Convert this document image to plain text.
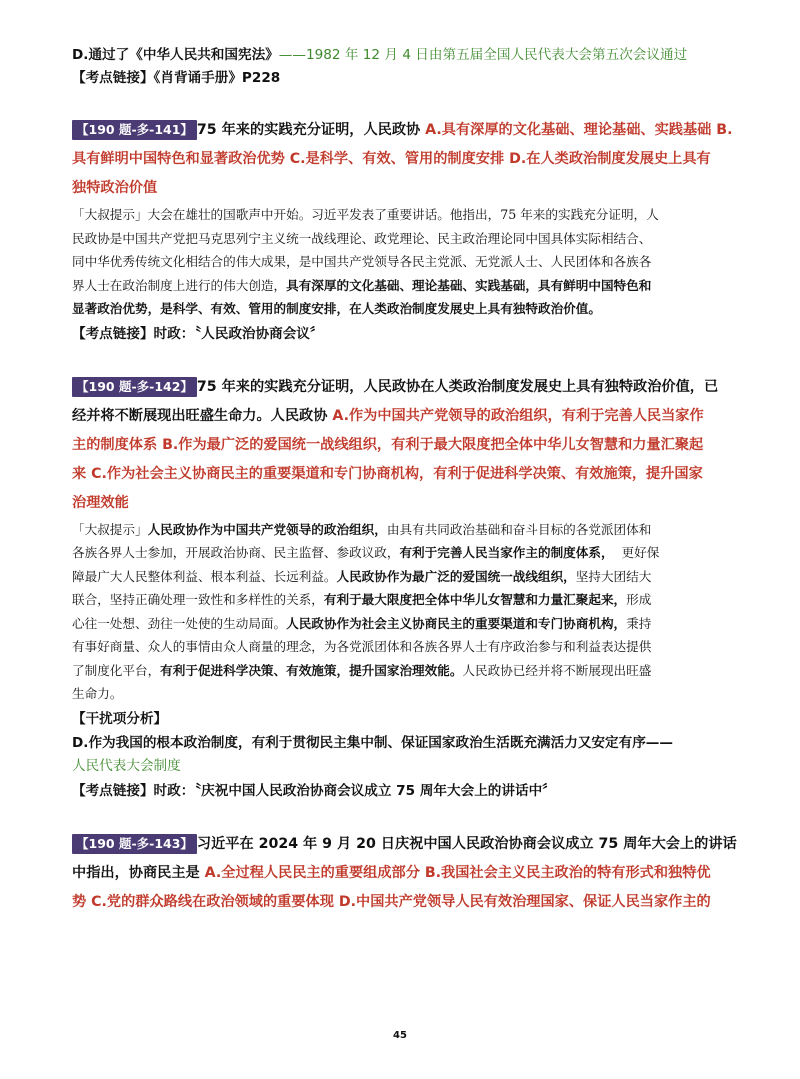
D.通过了《中华人民共和国宪法》——1982 年 12 月 4 日由第五届全国人民代表大会第五次会议通过
【考点链接】《肖背诵手册》P228
【190 题-多-141】 75 年来的实践充分证明，人民政协 A.具有深厚的文化基础、理论基础、实践基础 B.
具有鲜明中国特色和显著政治优势 C.是科学、有效、管用的制度安排 D.在人类政治制度发展史上具有
独特政治价值
「大叔提示」大会在雄壮的国歌声中开始。习近平发表了重要讲话。他指出，75 年来的实践充分证明，人
民政协是中国共产党把马克思列宁主义统一战线理论、政党理论、民主政治理论同中国具体实际相结合、
同中华优秀传统文化相结合的伟大成果，是中国共产党领导各民主党派、无党派人士、人民团体和各族各
界人士在政治制度上进行的伟大创造，具有深厚的文化基础、理论基础、实践基础，具有鲜明中国特色和
显著政治优势，是科学、有效、管用的制度安排，在人类政治制度发展史上具有独特政治价值。
【考点链接】时政：〝人民政治协商会议〞
【190 题-多-142】 75 年来的实践充分证明，人民政协在人类政治制度发展史上具有独特政治价值，已
经并将不断展现出旺盛生命力。人民政协 A.作为中国共产党领导的政治组织，有利于完善人民当家作
主的制度体系 B.作为最广泛的爱国统一战线组织，有利于最大限度把全体中华儿女智慧和力量汇聚起
来 C.作为社会主义协商民主的重要渠道和专门协商机构，有利于促进科学决策、有效施策，提升国家
治理效能
「大叔提示」人民政协作为中国共产党领导的政治组织，由具有共同政治基础和奋斗目标的各党派团体和
各族各界人士参加，开展政治协商、民主监督、参政议政，有利于完善人民当家作主的制度体系，  更好保
障最广大人民整体利益、根本利益、长远利益。人民政协作为最广泛的爱国统一战线组织，坚持大团结大
联合，坚持正确处理一致性和多样性的关系，有利于最大限度把全体中华儿女智慧和力量汇聚起来，形成
心往一处想、劲往一处使的生动局面。人民政协作为社会主义协商民主的重要渠道和专门协商机构，秉持
有事好商量、众人的事情由众人商量的理念，为各党派团体和各族各界人士有序政治参与和利益表达提供
了制度化平台，有利于促进科学决策、有效施策，提升国家治理效能。人民政协已经并将不断展现出旺盛
生命力。
【干扰项分析】
D.作为我国的根本政治制度，有利于贯彻民主集中制、保证国家政治生活既充满活力又安定有序——
人民代表大会制度
【考点链接】时政：〝庆祝中国人民政治协商会议成立 75 周年大会上的讲话中〞
【190 题-多-143】 习近平在 2024 年 9 月 20 日庆祝中国人民政治协商会议成立 75 周年大会上的讲话
中指出，协商民主是 A.全过程人民民主的重要组成部分 B.我国社会主义民主政治的特有形式和独特优
势 C.党的群众路线在政治领域的重要体现 D.中国共产党领导人民有效治理国家、保证人民当家作主的
45
